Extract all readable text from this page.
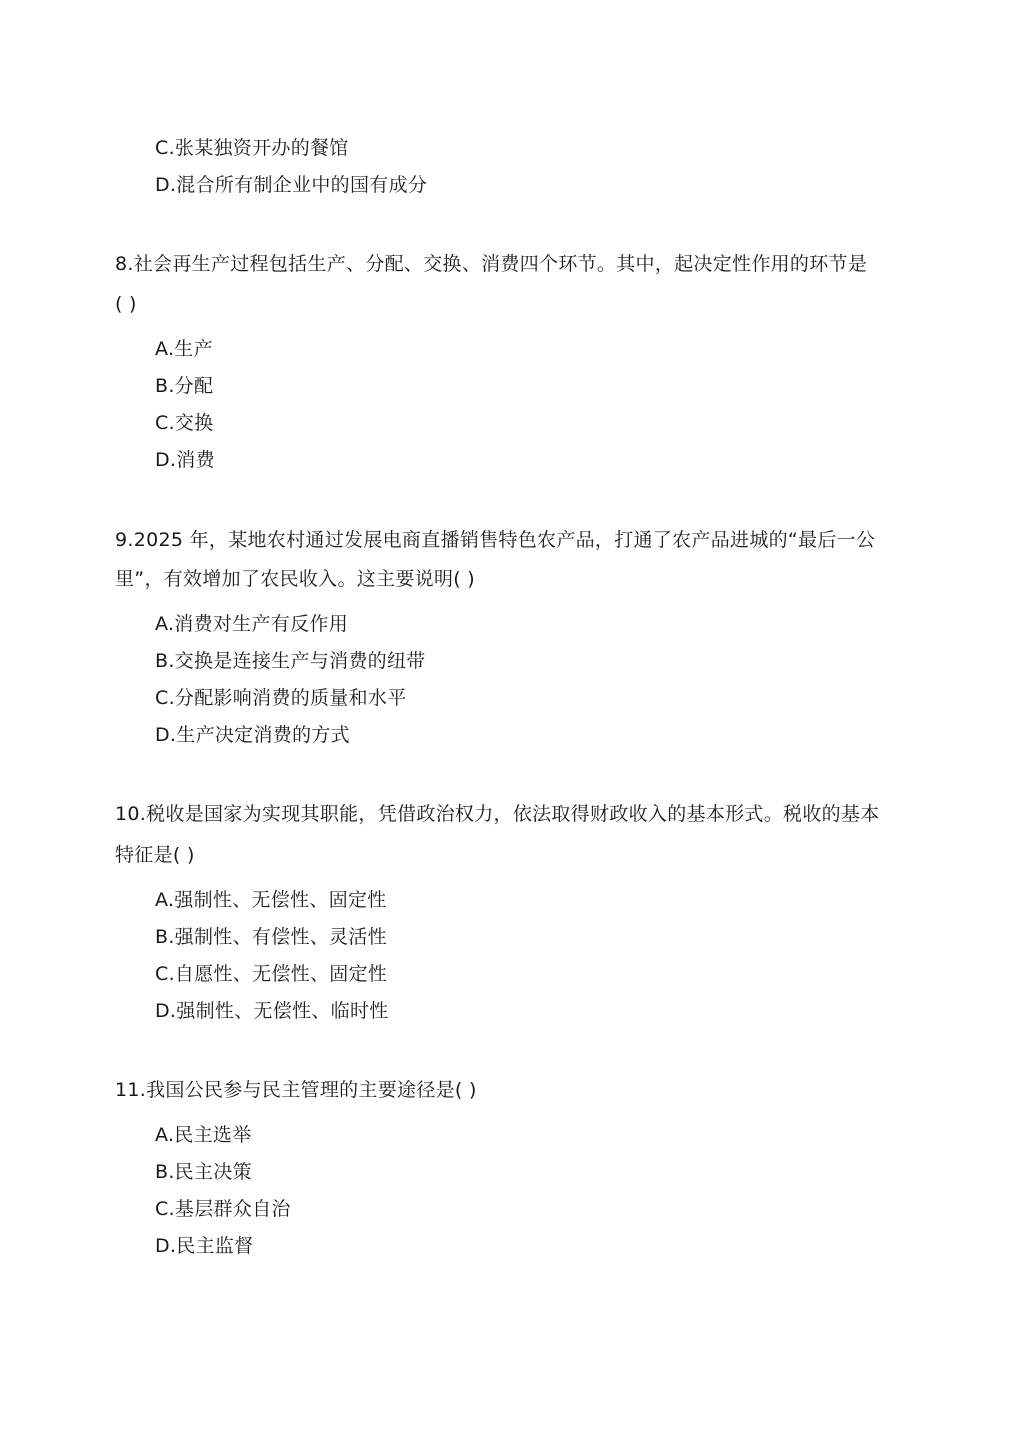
C.张某独资开办的餐馆
D.混合所有制企业中的国有成分
8.社会再生产过程包括生产、分配、交换、消费四个环节。其中，起决定性作用的环节是
( )
A.生产
B.分配
C.交换
D.消费
9.2025 年，某地农村通过发展电商直播销售特色农产品，打通了农产品进城的“最后一公
里”，有效增加了农民收入。这主要说明( )
A.消费对生产有反作用
B.交换是连接生产与消费的纽带
C.分配影响消费的质量和水平
D.生产决定消费的方式
10.税收是国家为实现其职能，凭借政治权力，依法取得财政收入的基本形式。税收的基本
特征是( )
A.强制性、无偿性、固定性
B.强制性、有偿性、灵活性
C.自愿性、无偿性、固定性
D.强制性、无偿性、临时性
11.我国公民参与民主管理的主要途径是( )
A.民主选举
B.民主决策
C.基层群众自治
D.民主监督
